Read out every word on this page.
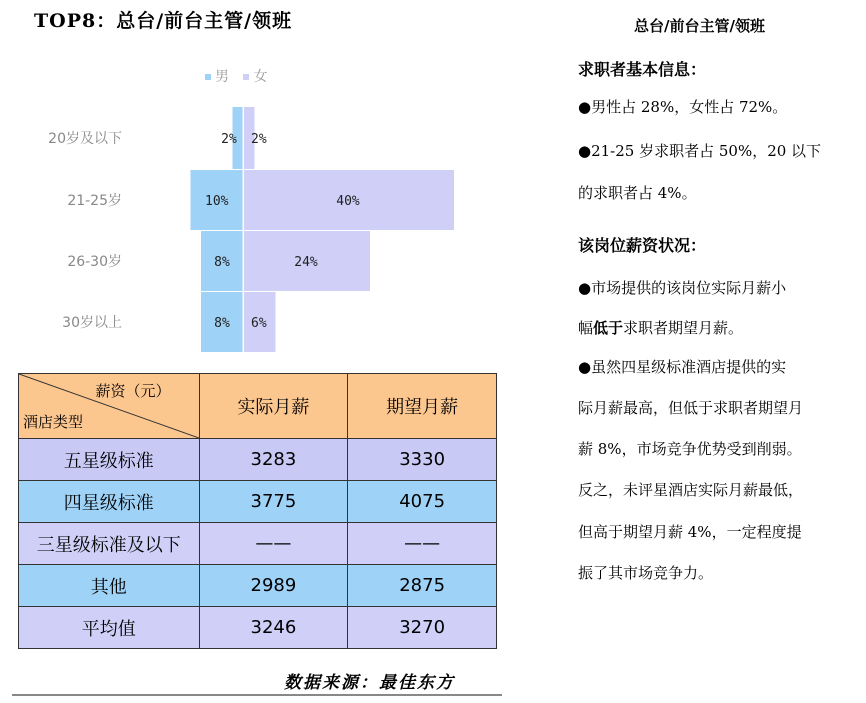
TOP8：总台/前台主管/领班
男 女
20岁及以下	2% 2%
21-25岁	10%	40%
26-30岁	8%	24%
30岁以上	8% 6%
薪资（元）
酒店类型	实际月薪	期望月薪
五星级标准	3283	3330
四星级标准	3775	4075
三星级标准及以下	——	——
其他	2989	2875
平均值	3246	3270
数据来源：最佳东方
总台/前台主管/领班
求职者基本信息：
●男性占 28%，女性占 72%。
●21-25 岁求职者占 50%，20 以下
的求职者占 4%。
该岗位薪资状况：
●市场提供的该岗位实际月薪小
幅低于求职者期望月薪。
●虽然四星级标准酒店提供的实
际月薪最高，但低于求职者期望月
薪 8%，市场竞争优势受到削弱。
反之，未评星酒店实际月薪最低，
但高于期望月薪 4%，一定程度提
振了其市场竞争力。
